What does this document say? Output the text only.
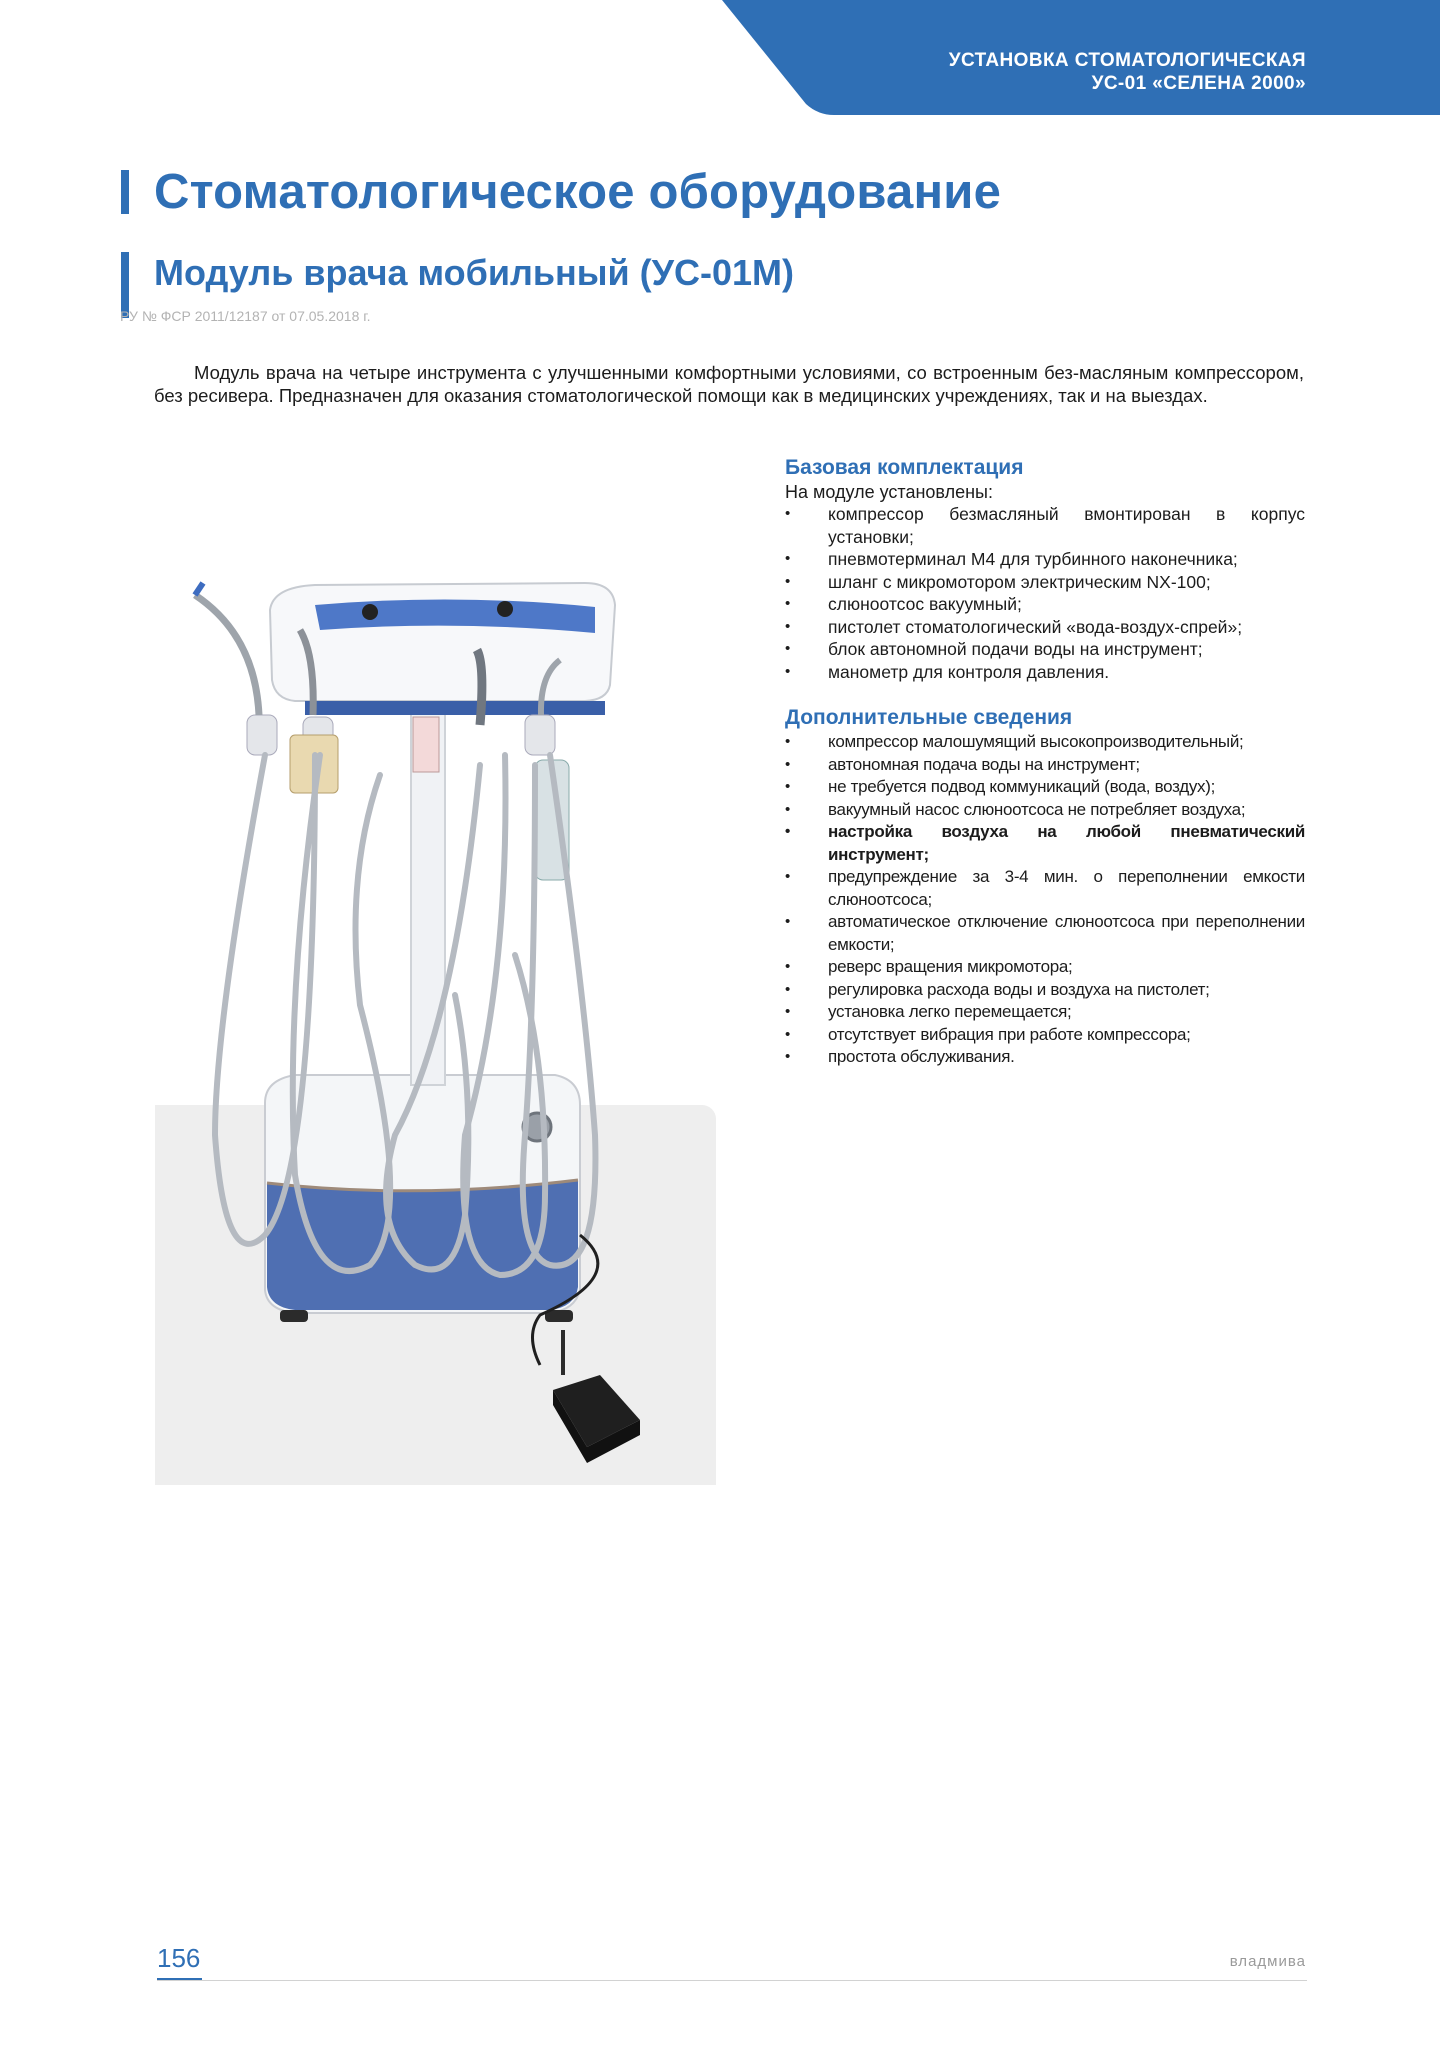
УСТАНОВКА СТОМАТОЛОГИЧЕСКАЯ
УС-01 «СЕЛЕНА 2000»
Стоматологическое оборудование
Модуль врача мобильный (УС-01М)
РУ № ФСР 2011/12187 от 07.05.2018 г.

Модуль врача на четыре инструмента с улучшенными комфортными условиями, со встроенным без-масляным компрессором, без ресивера. Предназначен для оказания стоматологической помощи как в медицинских учреждениях, так и на выездах.

Базовая комплектация

На модуле установлены:

• компрессор безмасляный вмонтирован в корпус установки;
• пневмотерминал М4 для турбинного наконечника;
• шланг с микромотором электрическим NX-100;
• слюноотсос вакуумный;
• пистолет стоматологический «вода-воздух-спрей»;
• блок автономной подачи воды на инструмент;
• манометр для контроля давления.
Дополнительные сведения
• компрессор малошумящий высокопроизводительный;
• автономная подача воды на инструмент;
• не требуется подвод коммуникаций (вода, воздух);
• вакуумный насос слюноотсоса не потребляет воздуха;
• настройка воздуха на любой пневматический инструмент;
• предупреждение за 3-4 мин. о переполнении емкости слюноотсоса;
• автоматическое отключение слюноотсоса при переполнении емкости;
• реверс вращения микромотора;
• регулировка расхода воды и воздуха на пистолет;
• установка легко перемещается;
• отсутствует вибрация при работе компрессора;
• простота обслуживания.
156	владмива
